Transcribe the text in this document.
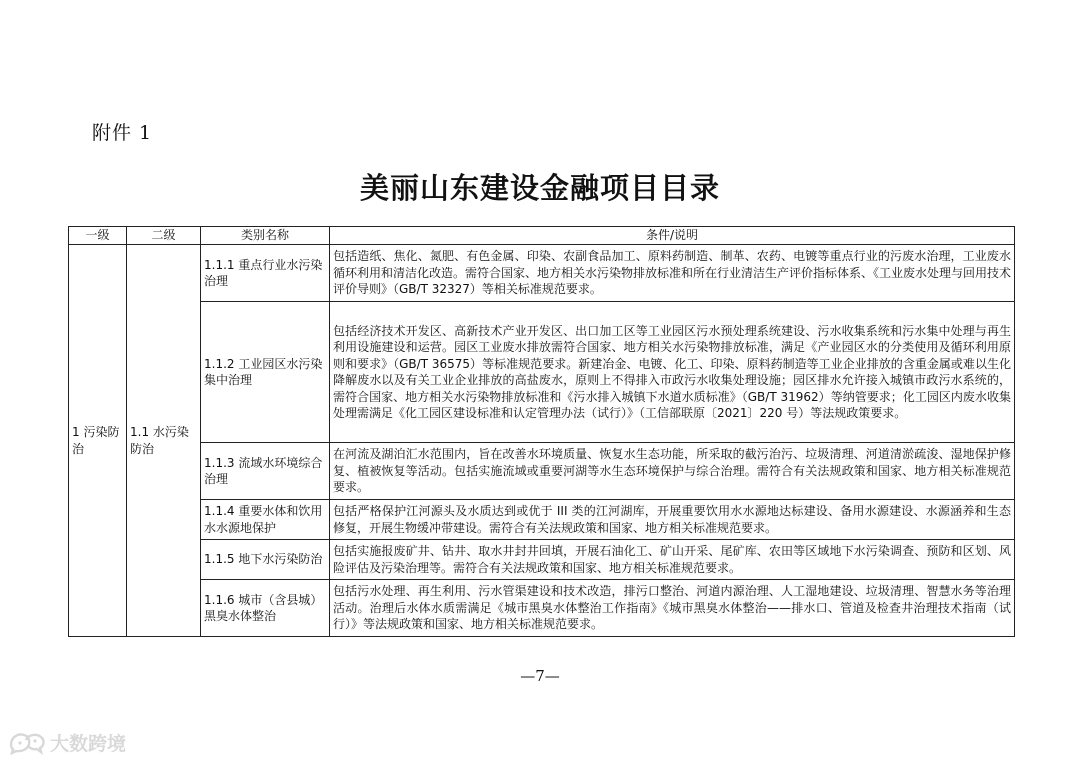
附件 1
美丽山东建设金融项目目录
一级	二级	类别名称	条件/说明
1 污染防治	1.1 水污染防治	1.1.1 重点行业水污染治理	包括造纸、焦化、氮肥、有色金属、印染、农副食品加工、原料药制造、制革、农药、电镀等重点行业的污废水治理，工业废水循环利用和清洁化改造。需符合国家、地方相关水污染物排放标准和所在行业清洁生产评价指标体系、《工业废水处理与回用技术评价导则》（GB/T 32327）等相关标准规范要求。
		1.1.2 工业园区水污染集中治理	包括经济技术开发区、高新技术产业开发区、出口加工区等工业园区污水预处理系统建设、污水收集系统和污水集中处理与再生利用设施建设和运营。园区工业废水排放需符合国家、地方相关水污染物排放标准，满足《产业园区水的分类使用及循环利用原则和要求》（GB/T 36575）等标准规范要求。新建冶金、电镀、化工、印染、原料药制造等工业企业排放的含重金属或难以生化降解废水以及有关工业企业排放的高盐废水，原则上不得排入市政污水收集处理设施；园区排水允许接入城镇市政污水系统的，需符合国家、地方相关水污染物排放标准和《污水排入城镇下水道水质标准》（GB/T 31962）等纳管要求；化工园区内废水收集处理需满足《化工园区建设标准和认定管理办法（试行）》（工信部联原〔2021〕220 号）等法规政策要求。
		1.1.3 流域水环境综合治理	在河流及湖泊汇水范围内，旨在改善水环境质量、恢复水生态功能，所采取的截污治污、垃圾清理、河道清淤疏浚、湿地保护修复、植被恢复等活动。包括实施流域或重要河湖等水生态环境保护与综合治理。需符合有关法规政策和国家、地方相关标准规范要求。
		1.1.4 重要水体和饮用水水源地保护	包括严格保护江河源头及水质达到或优于 III 类的江河湖库，开展重要饮用水水源地达标建设、备用水源建设、水源涵养和生态修复，开展生物缓冲带建设。需符合有关法规政策和国家、地方相关标准规范要求。
		1.1.5 地下水污染防治	包括实施报废矿井、钻井、取水井封井回填，开展石油化工、矿山开采、尾矿库、农田等区域地下水污染调查、预防和区划、风险评估及污染治理等。需符合有关法规政策和国家、地方相关标准规范要求。
		1.1.6 城市（含县城）黑臭水体整治	包括污水处理、再生利用、污水管渠建设和技术改造，排污口整治、河道内源治理、人工湿地建设、垃圾清理、智慧水务等治理活动。治理后水体水质需满足《城市黑臭水体整治工作指南》《城市黑臭水体整治——排水口、管道及检查井治理技术指南（试行）》等法规政策和国家、地方相关标准规范要求。
—7—
大数跨境
